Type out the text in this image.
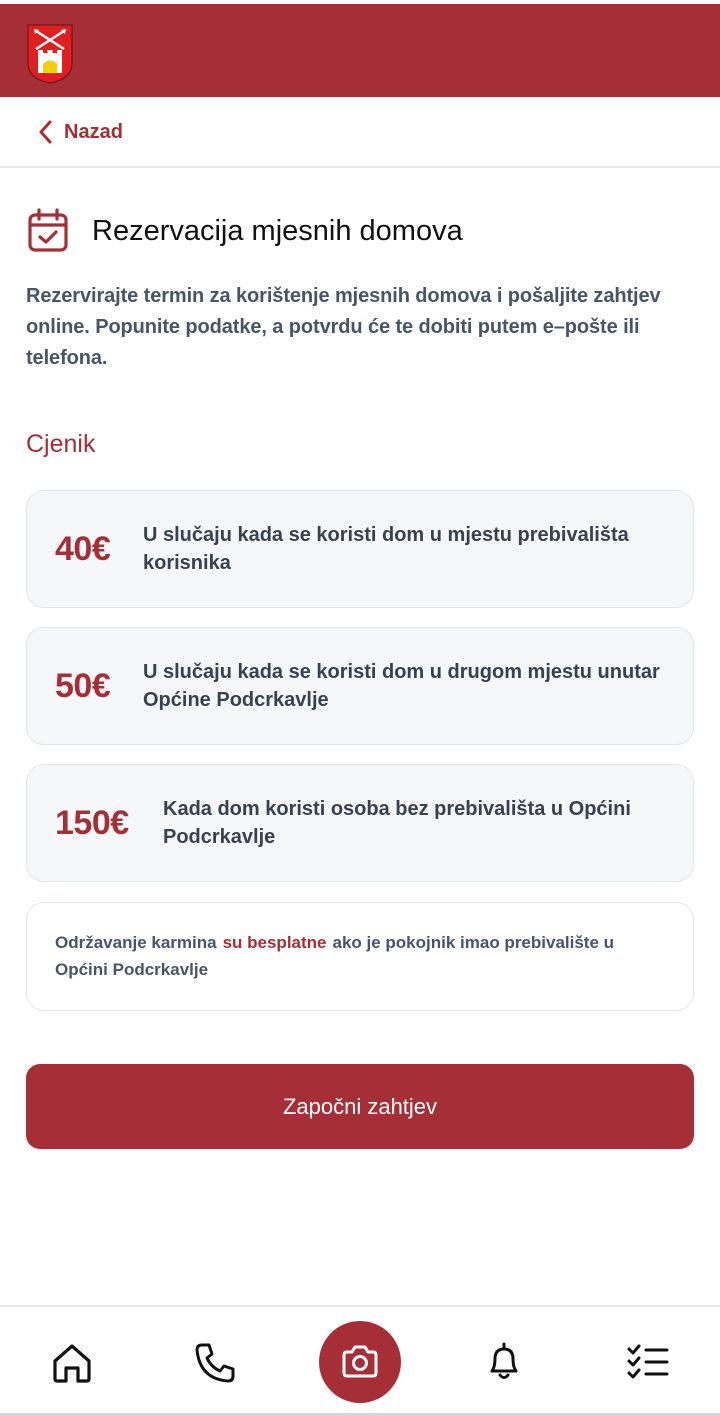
Nazad
Rezervacija mjesnih domova

Rezervirajte termin za korištenje mjesnih domova i pošaljite zahtjev online. Popunite podatke, a potvrdu će te dobiti putem e–pošte ili telefona.

Cjenik
40€	U slučaju kada se koristi dom u mjestu prebivališta korisnika
50€	U slučaju kada se koristi dom u drugom mjestu unutar Općine Podcrkavlje
150€	Kada dom koristi osoba bez prebivališta u Općini Podcrkavlje
Održavanje karmina su besplatne ako je pokojnik imao prebivalište u Općini Podcrkavlje
Započni zahtjev
